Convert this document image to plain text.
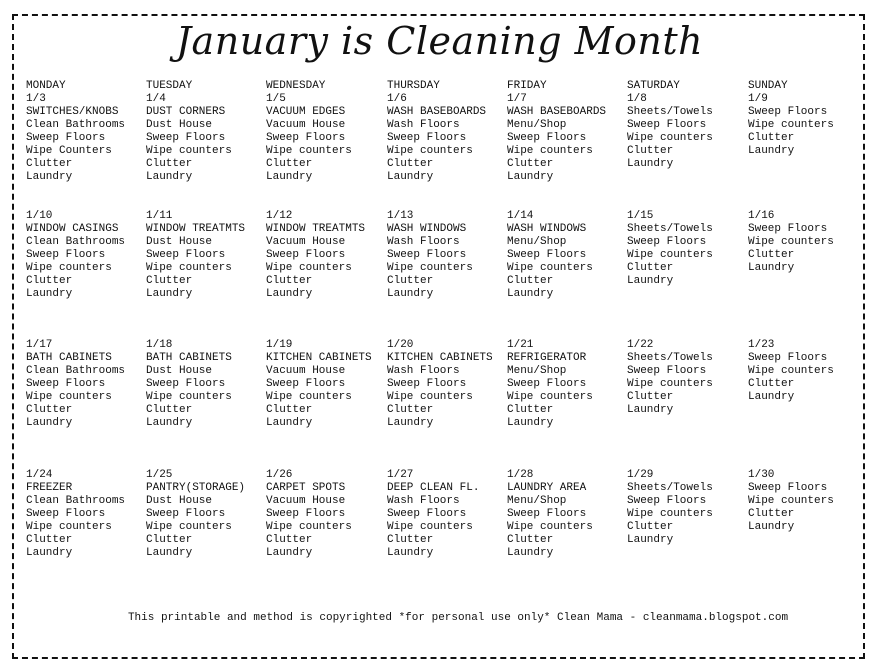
January is Cleaning Month
MONDAY
1/3
SWITCHES/KNOBS
Clean Bathrooms
Sweep Floors
Wipe Counters
Clutter
Laundry
TUESDAY
1/4
DUST CORNERS
Dust House
Sweep Floors
Wipe counters
Clutter
Laundry
WEDNESDAY
1/5
VACUUM EDGES
Vacuum House
Sweep Floors
Wipe counters
Clutter
Laundry
THURSDAY
1/6
WASH BASEBOARDS
Wash Floors
Sweep Floors
Wipe counters
Clutter
Laundry
FRIDAY
1/7
WASH BASEBOARDS
Menu/Shop
Sweep Floors
Wipe counters
Clutter
Laundry
SATURDAY
1/8
Sheets/Towels
Sweep Floors
Wipe counters
Clutter
Laundry
SUNDAY
1/9
Sweep Floors
Wipe counters
Clutter
Laundry
1/10
WINDOW CASINGS
Clean Bathrooms
Sweep Floors
Wipe counters
Clutter
Laundry
1/11
WINDOW TREATMTS
Dust House
Sweep Floors
Wipe counters
Clutter
Laundry
1/12
WINDOW TREATMTS
Vacuum House
Sweep Floors
Wipe counters
Clutter
Laundry
1/13
WASH WINDOWS
Wash Floors
Sweep Floors
Wipe counters
Clutter
Laundry
1/14
WASH WINDOWS
Menu/Shop
Sweep Floors
Wipe counters
Clutter
Laundry
1/15
Sheets/Towels
Sweep Floors
Wipe counters
Clutter
Laundry
1/16
Sweep Floors
Wipe counters
Clutter
Laundry
1/17
BATH CABINETS
Clean Bathrooms
Sweep Floors
Wipe counters
Clutter
Laundry
1/18
BATH CABINETS
Dust House
Sweep Floors
Wipe counters
Clutter
Laundry
1/19
KITCHEN CABINETS
Vacuum House
Sweep Floors
Wipe counters
Clutter
Laundry
1/20
KITCHEN CABINETS
Wash Floors
Sweep Floors
Wipe counters
Clutter
Laundry
1/21
REFRIGERATOR
Menu/Shop
Sweep Floors
Wipe counters
Clutter
Laundry
1/22
Sheets/Towels
Sweep Floors
Wipe counters
Clutter
Laundry
1/23
Sweep Floors
Wipe counters
Clutter
Laundry
1/24
FREEZER
Clean Bathrooms
Sweep Floors
Wipe counters
Clutter
Laundry
1/25
PANTRY(STORAGE)
Dust House
Sweep Floors
Wipe counters
Clutter
Laundry
1/26
CARPET SPOTS
Vacuum House
Sweep Floors
Wipe counters
Clutter
Laundry
1/27
DEEP CLEAN FL.
Wash Floors
Sweep Floors
Wipe counters
Clutter
Laundry
1/28
LAUNDRY AREA
Menu/Shop
Sweep Floors
Wipe counters
Clutter
Laundry
1/29
Sheets/Towels
Sweep Floors
Wipe counters
Clutter
Laundry
1/30
Sweep Floors
Wipe counters
Clutter
Laundry
This printable and method is copyrighted *for personal use only* Clean Mama - cleanmama.blogspot.com
